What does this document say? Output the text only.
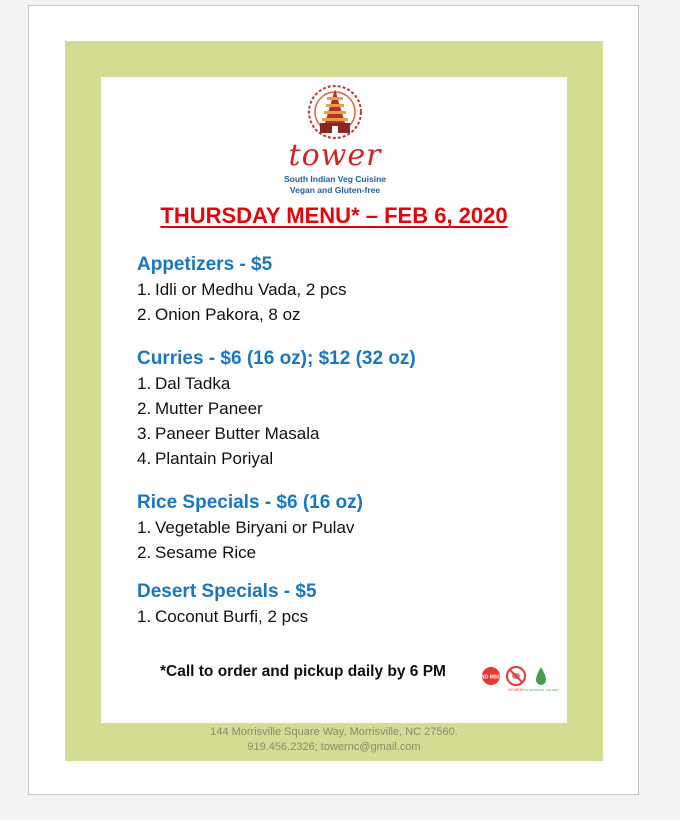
tower
South Indian Veg Cuisine
Vegan and Gluten-free
THURSDAY MENU* – FEB 6, 2020
Appetizers - $5
1. Idli or Medhu Vada, 2 pcs
2. Onion Pakora, 8 oz
Curries - $6 (16 oz); $12 (32 oz)
1. Dal Tadka
2. Mutter Paneer
3. Paneer Butter Masala
4. Plantain Poriyal
Rice Specials - $6 (16 oz)
1. Vegetable Biryani or Pulav
2. Sesame Rice
Desert Specials - $5
1. Coconut Burfi, 2 pcs
*Call to order and pickup daily by 6 PM	NO MSG
NO MEAT NO ARTIFICIAL COLORS
144 Morrisville Square Way, Morrisville, NC 27560.
919.456.2326; towernc@gmail.com
